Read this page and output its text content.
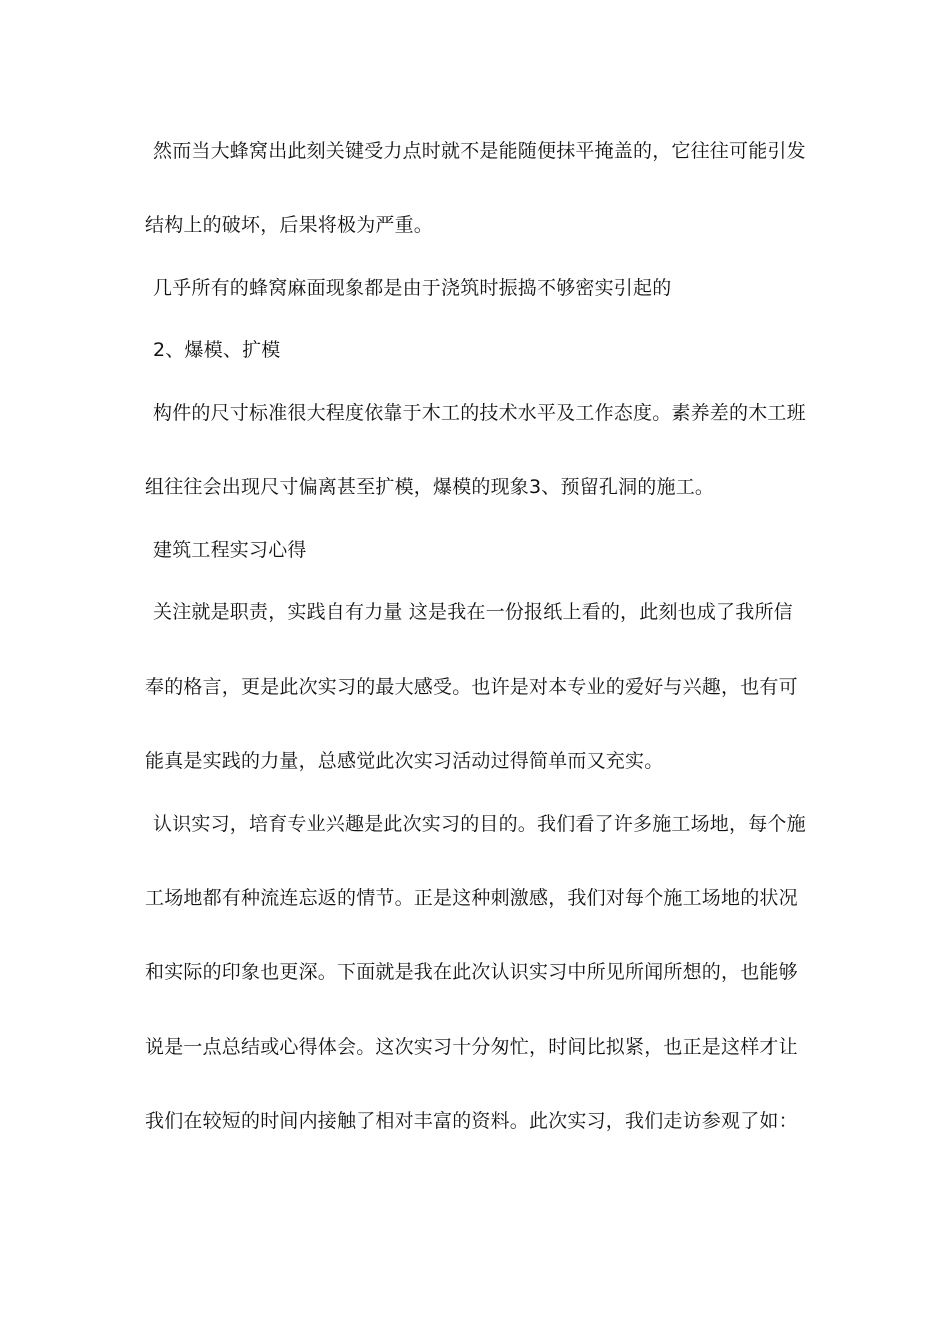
然而当大蜂窝出此刻关键受力点时就不是能随便抹平掩盖的，它往往可能引发
结构上的破坏，后果将极为严重。
几乎所有的蜂窝麻面现象都是由于浇筑时振捣不够密实引起的
2、爆模、扩模
构件的尺寸标准很大程度依靠于木工的技术水平及工作态度。素养差的木工班
组往往会出现尺寸偏离甚至扩模，爆模的现象3、预留孔洞的施工。
建筑工程实习心得
关注就是职责，实践自有力量 这是我在一份报纸上看的，此刻也成了我所信
奉的格言，更是此次实习的最大感受。也许是对本专业的爱好与兴趣，也有可
能真是实践的力量，总感觉此次实习活动过得简单而又充实。
认识实习，培育专业兴趣是此次实习的目的。我们看了许多施工场地，每个施
工场地都有种流连忘返的情节。正是这种刺激感，我们对每个施工场地的状况
和实际的印象也更深。下面就是我在此次认识实习中所见所闻所想的，也能够
说是一点总结或心得体会。这次实习十分匆忙，时间比拟紧，也正是这样才让
我们在较短的时间内接触了相对丰富的资料。此次实习，我们走访参观了如：
